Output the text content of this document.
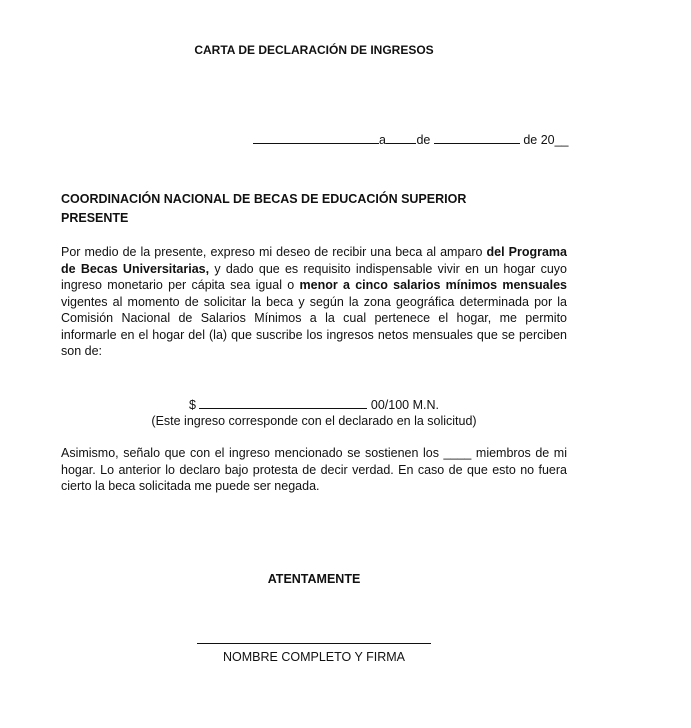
CARTA DE DECLARACIÓN DE INGRESOS
a de	de 20__
COORDINACIÓN NACIONAL DE BECAS DE EDUCACIÓN SUPERIOR
PRESENTE
Por medio de la presente, expreso mi deseo de recibir una beca al amparo del Programa de Becas Universitarias, y dado que es requisito indispensable vivir en un hogar cuyo ingreso monetario per cápita sea igual o menor a cinco salarios mínimos mensuales vigentes al momento de solicitar la beca y según la zona geográfica determinada por la Comisión Nacional de Salarios Mínimos a la cual pertenece el hogar, me permito informarle en el hogar del (la) que suscribe los ingresos netos mensuales que se perciben son de:
$	00/100 M.N.
(Este ingreso corresponde con el declarado en la solicitud)
Asimismo, señalo que con el ingreso mencionado se sostienen los ____ miembros de mi hogar. Lo anterior lo declaro bajo protesta de decir verdad. En caso de que esto no fuera cierto la beca solicitada me puede ser negada.
ATENTAMENTE
NOMBRE COMPLETO Y FIRMA
